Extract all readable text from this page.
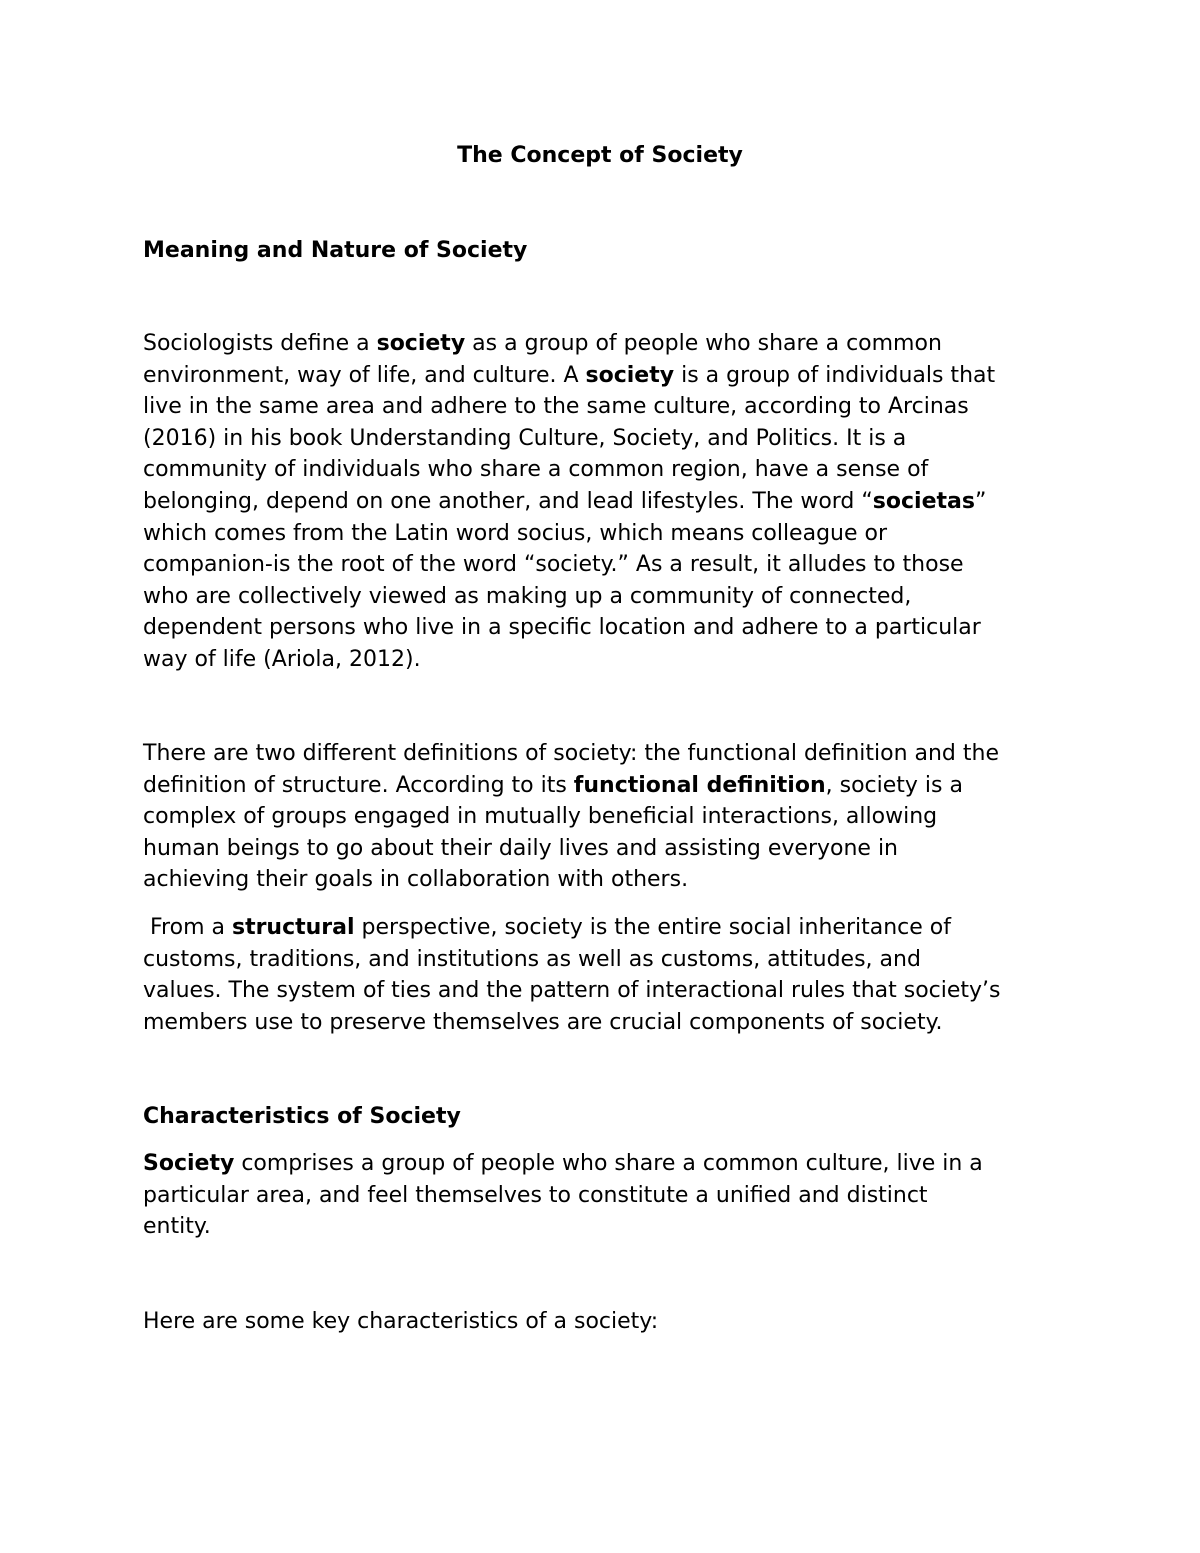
The Concept of Society
Meaning and Nature of Society

Sociologists define a society as a group of people who share a common
environment, way of life, and culture. A society is a group of individuals that
live in the same area and adhere to the same culture, according to Arcinas
(2016) in his book Understanding Culture, Society, and Politics. It is a
community of individuals who share a common region, have a sense of
belonging, depend on one another, and lead lifestyles. The word “societas”
which comes from the Latin word socius, which means colleague or
companion-is the root of the word “society.” As a result, it alludes to those
who are collectively viewed as making up a community of connected,
dependent persons who live in a specific location and adhere to a particular
way of life (Ariola, 2012).

There are two different definitions of society: the functional definition and the
definition of structure. According to its functional definition, society is a
complex of groups engaged in mutually beneficial interactions, allowing
human beings to go about their daily lives and assisting everyone in
achieving their goals in collaboration with others.

From a structural perspective, society is the entire social inheritance of
customs, traditions, and institutions as well as customs, attitudes, and
values. The system of ties and the pattern of interactional rules that society’s
members use to preserve themselves are crucial components of society.

Characteristics of Society

Society comprises a group of people who share a common culture, live in a
particular area, and feel themselves to constitute a unified and distinct
entity.

Here are some key characteristics of a society:
